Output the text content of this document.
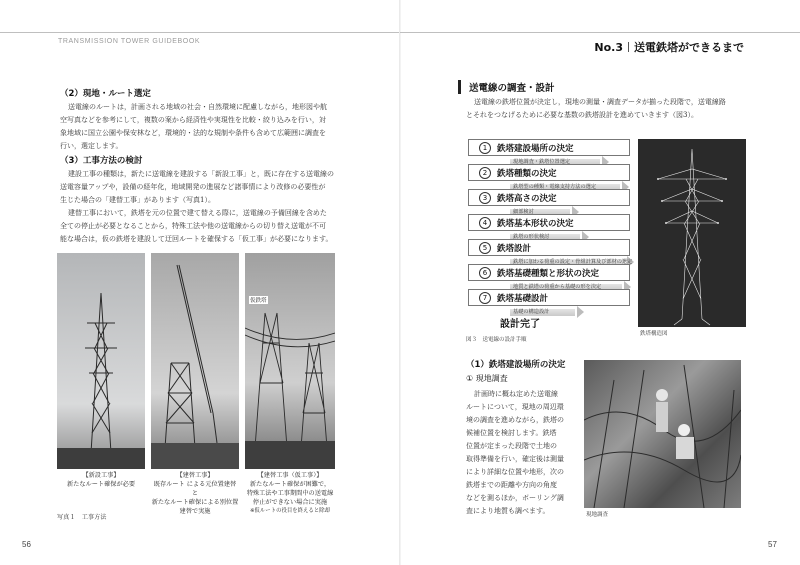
TRANSMISSION TOWER GUIDEBOOK
（2）現地・ルート選定
送電線のルートは，計画される地域の社会・自然環境に配慮しながら，地形図や航
空写真などを参考にして，複数の案から経済性や実現性を比較・絞り込みを行い，対
象地域に国立公園や保安林など，環境的・法的な規制や条件も含めて広範囲に調査を
行い，選定します。
（3）工事方法の検討
建設工事の種類は，新たに送電線を建設する「新設工事」と，既に存在する送電線の
送電容量アップや，設備の経年化，地域開発の進展など諸事情により改修の必要性が
生じた場合の「建替工事」があります（写真1）。
建替工事において，鉄塔を元の位置で建て替える際に，送電線の予備回線を含めた
全ての停止が必要となることから，特殊工法や他の送電線からの切り替え送電が不可
能な場合は，仮の鉄塔を建設して迂回ルートを確保する「仮工事」が必要になります。
仮鉄塔
【新設工事】
新たなルート確保が必要
【建替工事】
既存ルート による元位置建替と
新たなルート確保による別位置
建替で実施
【建替工事（仮工事）】
新たなルート確保が困難で，
特殊工法や工事期間中の送電線
停止ができない場合に実施
※仮ルートの役目を終えると除却
写真１　工事方法
56
No.3 送電鉄塔ができるまで
送電線の調査・設計
送電線の鉄塔位置が決定し，現地の測量・調査データが揃った段階で，送電線路
とそれをつなげるために必要な基数の鉄塔設計を進めていきます（図3）。
1	鉄塔建設場所の決定
現地調査・鉄塔位置選定
2	鉄塔種類の決定
鉄塔型の種類・電線支持方法の選定
3	鉄塔高さの決定
細部検討
4	鉄塔基本形状の決定
鉄塔の形状検討
5	鉄塔設計
鉄塔に加わる荷重の設定・骨組計算及び部材の選定
6	鉄塔基礎種類と形状の決定
地質と鉄塔の荷重から基礎の形を決定
7	鉄塔基礎設計
基礎の構造設計
設計完了
図３　送電線の設計手順
鉄塔構造図
（1）鉄塔建設場所の決定
① 現地調査
計画時に概ね定めた送電線
ルートについて，現地の周辺環
境の調査を進めながら，鉄塔の
候補位置を検討します。鉄塔
位置が定まった段階で土地の
取得準備を行い，確定後は測量
により詳細な位置や地形，次の
鉄塔までの距離や方向の角度
などを測るほか，ボーリング調
査により地質も調べます。	現地調査
57
